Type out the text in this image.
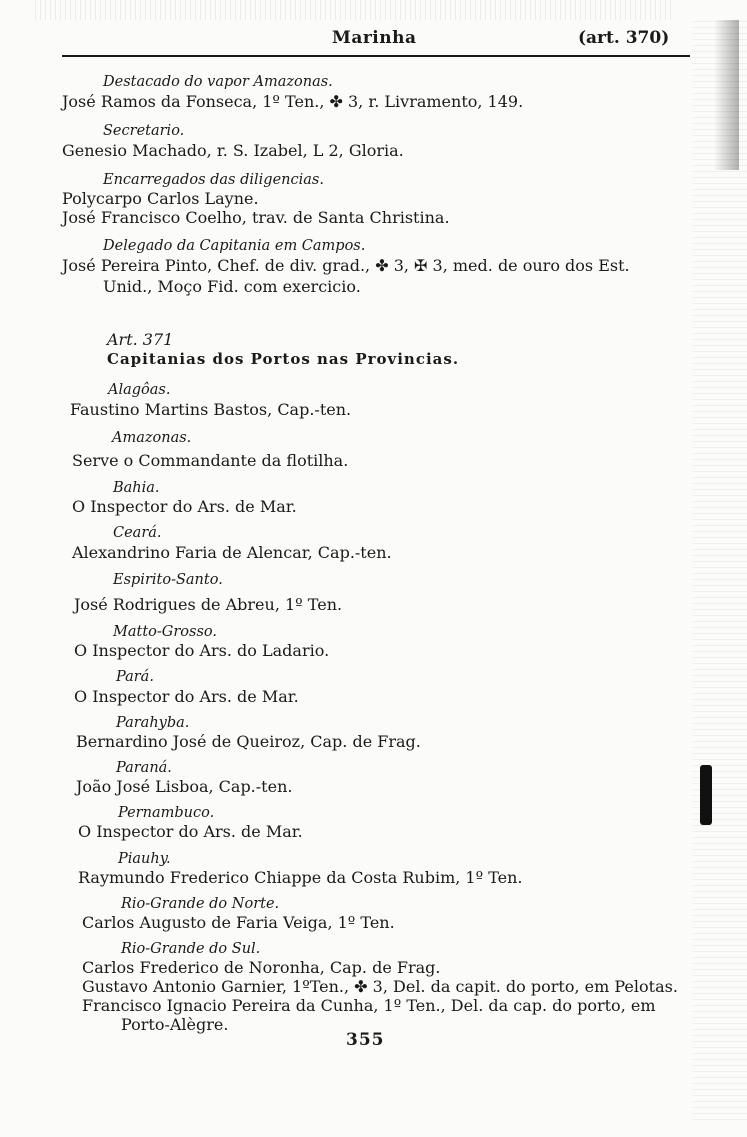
Marinha	(art. 370)
Destacado do vapor Amazonas.
José Ramos da Fonseca, 1º Ten., ✤ 3, r. Livramento, 149.
Secretario.
Genesio Machado, r. S. Izabel, L 2, Gloria.
Encarregados das diligencias.
Polycarpo Carlos Layne.
José Francisco Coelho, trav. de Santa Christina.
Delegado da Capitania em Campos.
José Pereira Pinto, Chef. de div. grad., ✤ 3, ✠ 3, med. de ouro dos Est.
Unid., Moço Fid. com exercicio.
Art. 371
Capitanias dos Portos nas Provincias.
Alagôas.
Faustino Martins Bastos, Cap.-ten.
Amazonas.
Serve o Commandante da flotilha.
Bahia.
O Inspector do Ars. de Mar.
Ceará.
Alexandrino Faria de Alencar, Cap.-ten.
Espirito-Santo.
José Rodrigues de Abreu, 1º Ten.
Matto-Grosso.
O Inspector do Ars. do Ladario.
Pará.
O Inspector do Ars. de Mar.
Parahyba.
Bernardino José de Queiroz, Cap. de Frag.
Paraná.
João José Lisboa, Cap.-ten.
Pernambuco.
O Inspector do Ars. de Mar.
Piauhy.
Raymundo Frederico Chiappe da Costa Rubim, 1º Ten.
Rio-Grande do Norte.
Carlos Augusto de Faria Veiga, 1º Ten.
Rio-Grande do Sul.
Carlos Frederico de Noronha, Cap. de Frag.
Gustavo Antonio Garnier, 1ºTen., ✤ 3, Del. da capit. do porto, em Pelotas.
Francisco Ignacio Pereira da Cunha, 1º Ten., Del. da cap. do porto, em
Porto-Alègre.
355
